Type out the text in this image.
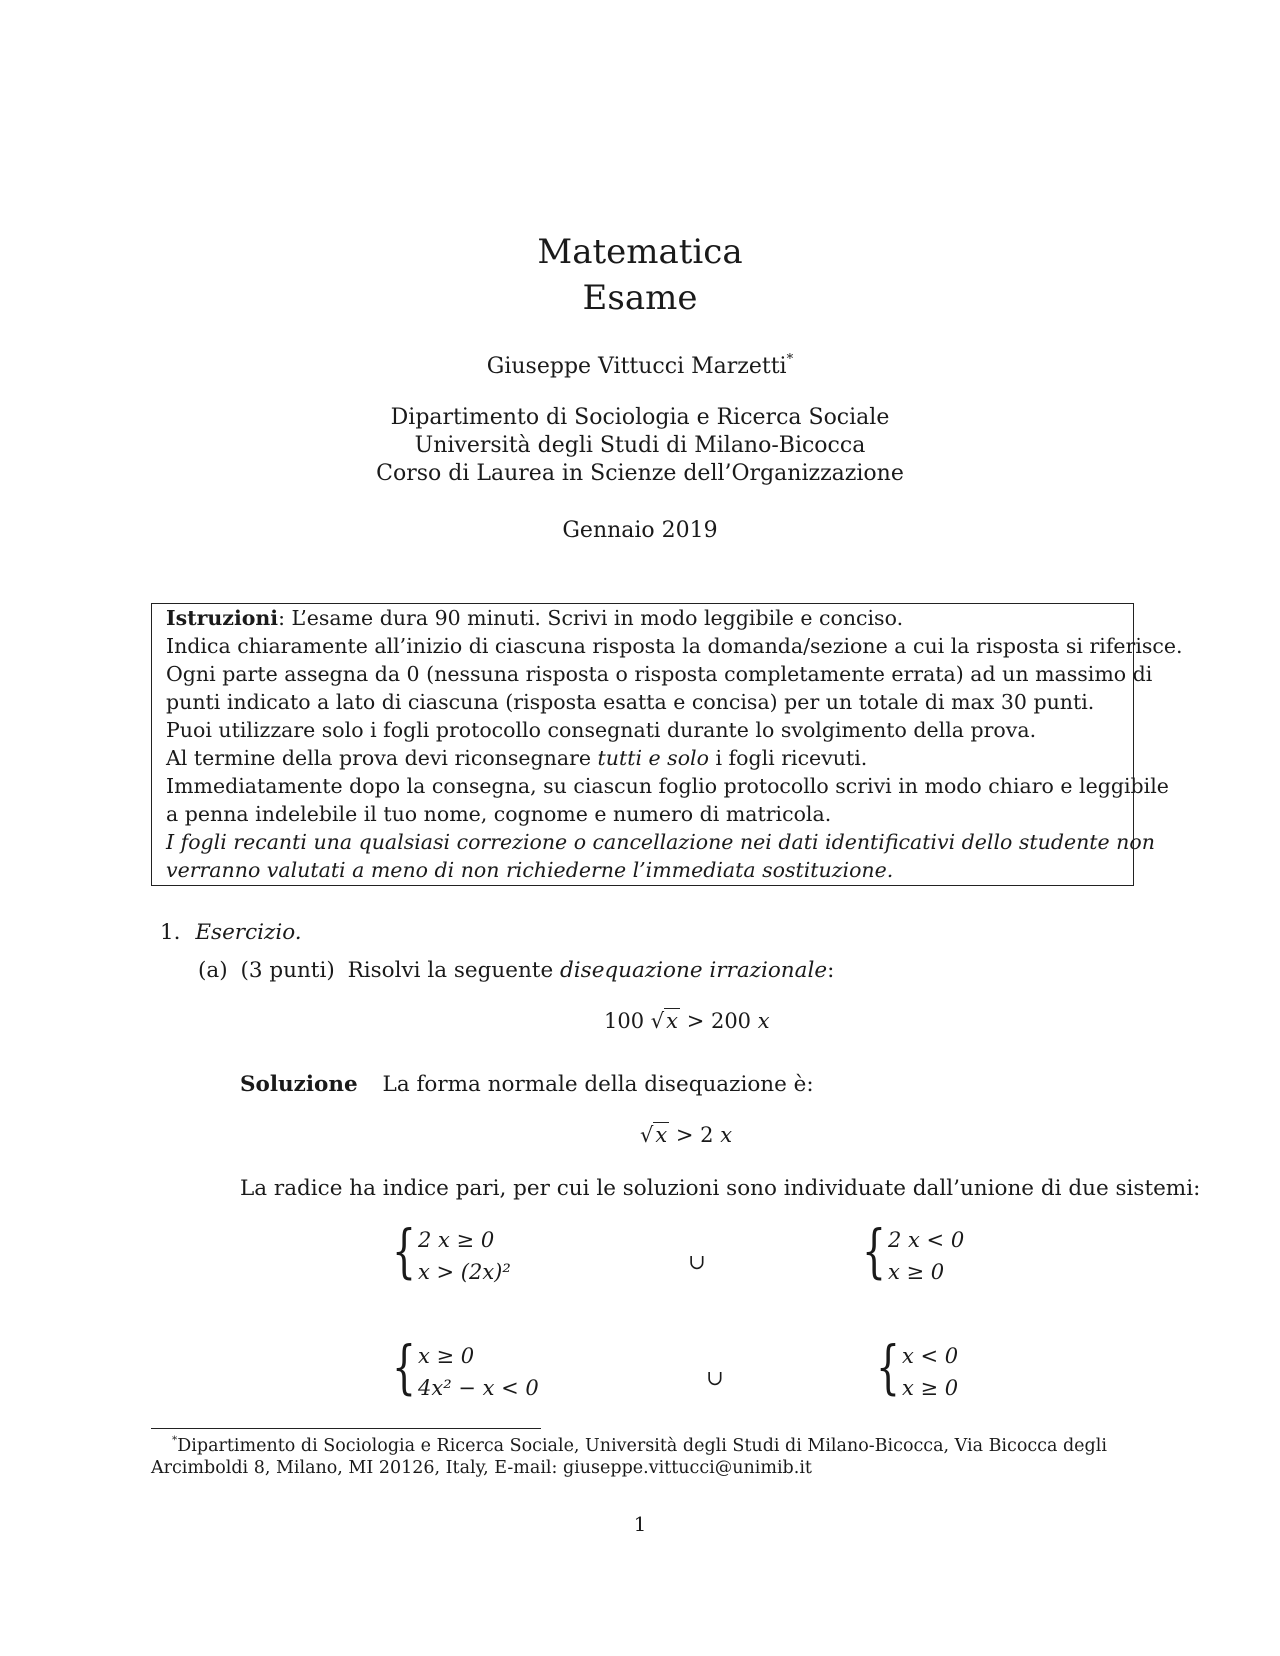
Matematica
Esame
Giuseppe Vittucci Marzetti*
Dipartimento di Sociologia e Ricerca Sociale
Università degli Studi di Milano-Bicocca
Corso di Laurea in Scienze dell’Organizzazione
Gennaio 2019
Istruzioni: L’esame dura 90 minuti. Scrivi in modo leggibile e conciso.
Indica chiaramente all’inizio di ciascuna risposta la domanda/sezione a cui la risposta si riferisce.
Ogni parte assegna da 0 (nessuna risposta o risposta completamente errata) ad un massimo di
punti indicato a lato di ciascuna (risposta esatta e concisa) per un totale di max 30 punti.
Puoi utilizzare solo i fogli protocollo consegnati durante lo svolgimento della prova.
Al termine della prova devi riconsegnare tutti e solo i fogli ricevuti.
Immediatamente dopo la consegna, su ciascun foglio protocollo scrivi in modo chiaro e leggibile
a penna indelebile il tuo nome, cognome e numero di matricola.
I fogli recanti una qualsiasi correzione o cancellazione nei dati identificativi dello studente non
verranno valutati a meno di non richiederne l’immediata sostituzione.
1. Esercizio.
(a) (3 punti) Risolvi la seguente disequazione irrazionale:
100 √x > 200 x
Soluzione La forma normale della disequazione è:
√x > 2 x
La radice ha indice pari, per cui le soluzioni sono individuate dall’unione di due sistemi:
{ 2 x ≥ 0
x > (2x)²	∪	{ 2 x < 0
x ≥ 0
{ x ≥ 0
4x² − x < 0	∪	{ x < 0
x ≥ 0
*Dipartimento di Sociologia e Ricerca Sociale, Università degli Studi di Milano-Bicocca, Via Bicocca degli
Arcimboldi 8, Milano, MI 20126, Italy, E-mail: giuseppe.vittucci@unimib.it
1
